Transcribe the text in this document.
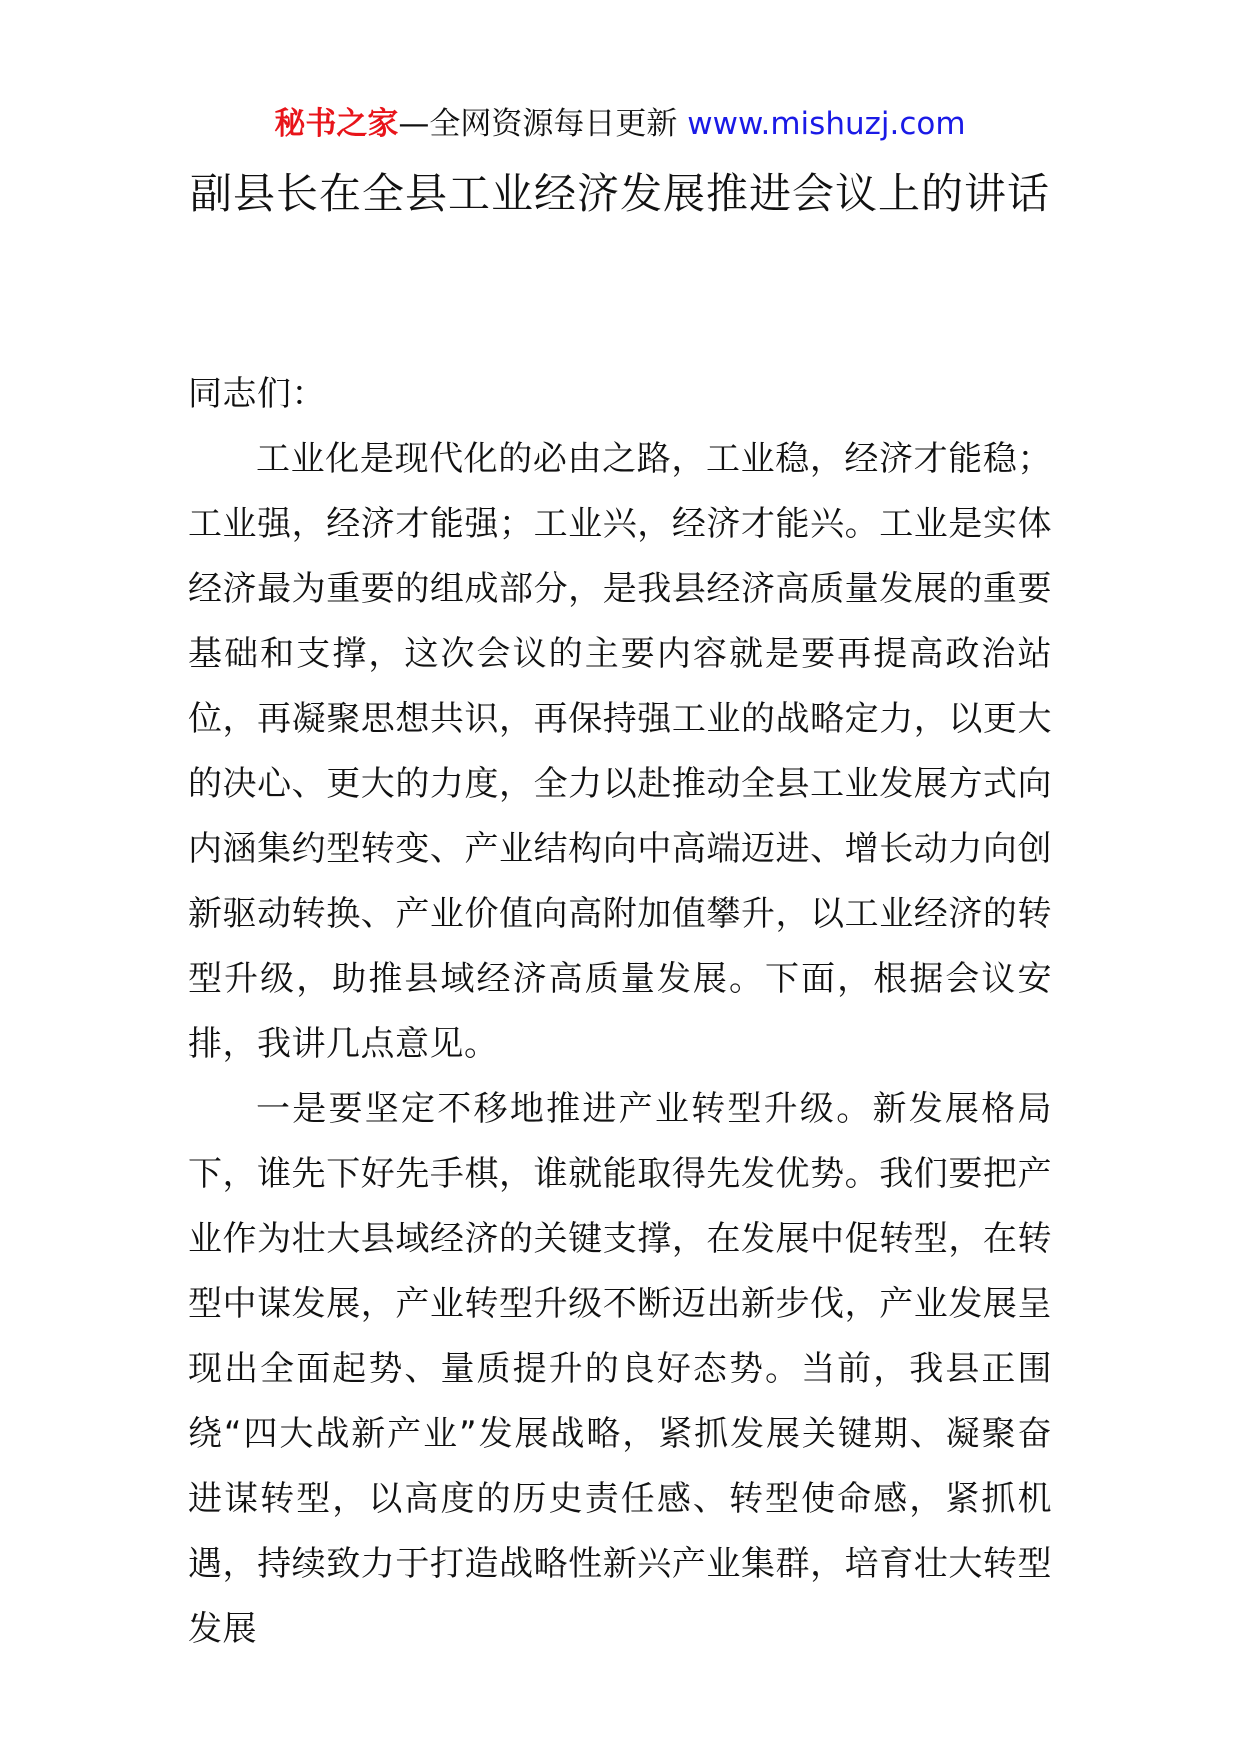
秘书之家—全网资源每日更新 www.mishuzj.com
副县长在全县工业经济发展推进会议上的讲话

同志们：

工业化是现代化的必由之路，工业稳，经济才能稳；工业强，经济才能强；工业兴，经济才能兴。工业是实体经济最为重要的组成部分，是我县经济高质量发展的重要基础和支撑，这次会议的主要内容就是要再提高政治站位，再凝聚思想共识，再保持强工业的战略定力，以更大的决心、更大的力度，全力以赴推动全县工业发展方式向内涵集约型转变、产业结构向中高端迈进、增长动力向创新驱动转换、产业价值向高附加值攀升，以工业经济的转型升级，助推县域经济高质量发展。下面，根据会议安排，我讲几点意见。

一是要坚定不移地推进产业转型升级。新发展格局下，谁先下好先手棋，谁就能取得先发优势。我们要把产业作为壮大县域经济的关键支撑，在发展中促转型，在转型中谋发展，产业转型升级不断迈出新步伐，产业发展呈现出全面起势、量质提升的良好态势。当前，我县正围绕“四大战新产业”发展战略，紧抓发展关键期、凝聚奋进谋转型，以高度的历史责任感、转型使命感，紧抓机遇，持续致力于打造战略性新兴产业集群，培育壮大转型发展
